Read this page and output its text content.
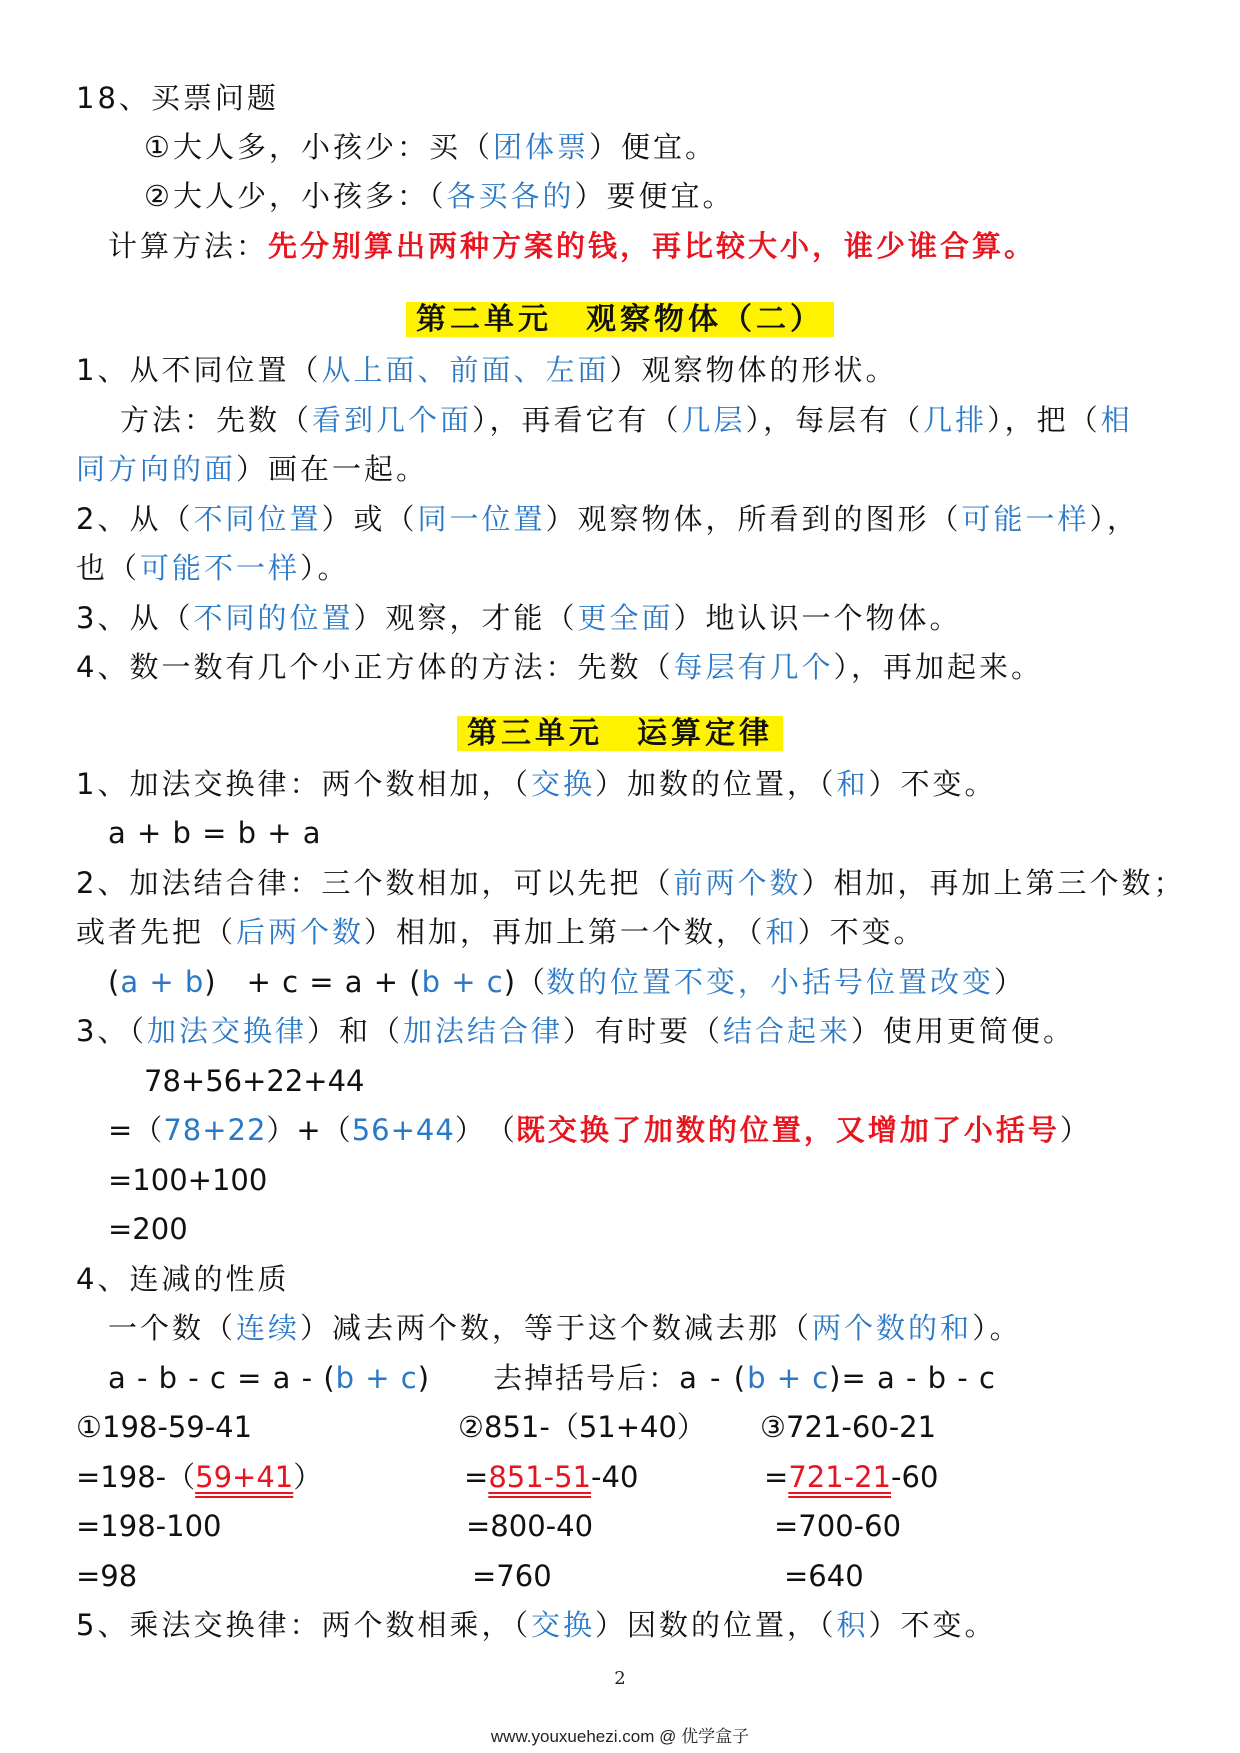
18、买票问题
①大人多，小孩少：买（团体票）便宜。
②大人少，小孩多：（各买各的）要便宜。
计算方法：先分别算出两种方案的钱，再比较大小，谁少谁合算。
第二单元　观察物体（二）
1、从不同位置（从上面、前面、左面）观察物体的形状。
方法：先数（看到几个面），再看它有（几层），每层有（几排），把（相
同方向的面）画在一起。
2、从（不同位置）或（同一位置）观察物体，所看到的图形（可能一样），
也（可能不一样）。
3、从（不同的位置）观察，才能（更全面）地认识一个物体。
4、数一数有几个小正方体的方法：先数（每层有几个），再加起来。
第三单元　运算定律
1、加法交换律：两个数相加，（交换）加数的位置，（和）不变。
a + b = b + a
2、加法结合律：三个数相加，可以先把（前两个数）相加，再加上第三个数；
或者先把（后两个数）相加，再加上第一个数，（和）不变。
(a + b)　+ c = a + (b + c)（数的位置不变，小括号位置改变）
3、（加法交换律）和（加法结合律）有时要（结合起来）使用更简便。
78+56+22+44
=（78+22）+（56+44）　（既交换了加数的位置，又增加了小括号）
=100+100
=200
4、连减的性质
一个数（连续）减去两个数，等于这个数减去那（两个数的和）。
a - b - c = a - (b + c)　　去掉括号后：a - (b + c)= a - b - c
①198-59-41
=198-（59+41）
=198-100
=98
②851-（51+40）
=851-51-40
=800-40
=760
③721-60-21
=721-21-60
=700-60
=640
5、乘法交换律：两个数相乘，（交换）因数的位置，（积）不变。
2
www.youxuehezi.com @ 优学盒子
